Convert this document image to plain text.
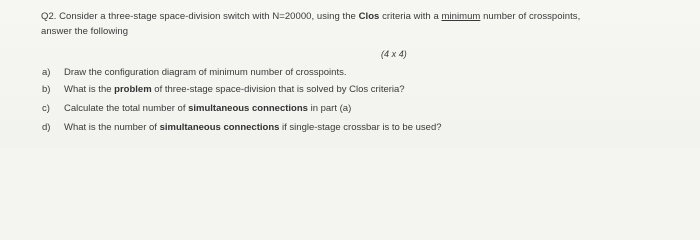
Q2. Consider a three-stage space-division switch with N=20000, using the Clos criteria with a minimum number of crosspoints,
answer the following
(4 x 4)
a) Draw the configuration diagram of minimum number of crosspoints.
b) What is the problem of three-stage space-division that is solved by Clos criteria?
c) Calculate the total number of simultaneous connections in part (a)
d) What is the number of simultaneous connections if single-stage crossbar is to be used?
